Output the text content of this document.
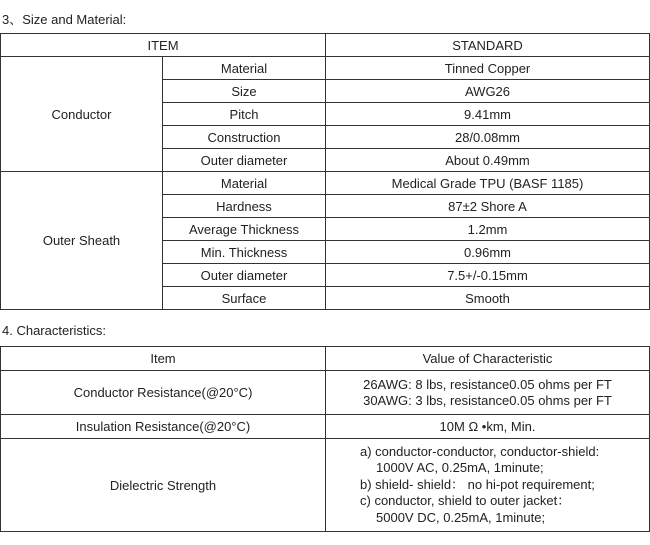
3、Size and Material:
ITEM		STANDARD
Conductor	Material	Tinned Copper
	Size	AWG26
	Pitch	9.41mm
	Construction	28/0.08mm
	Outer diameter	About 0.49mm
Outer Sheath	Material	Medical Grade TPU (BASF 1185)
	Hardness	87±2 Shore A
	Average Thickness	1.2mm
	Min. Thickness	0.96mm
	Outer diameter	7.5+/-0.15mm
	Surface	Smooth
4. Characteristics:
Item	Value of Characteristic
Conductor Resistance(@20°C)	26AWG: 8 lbs, resistance0.05 ohms per FT
30AWG: 3 lbs, resistance0.05 ohms per FT

Insulation Resistance(@20°C)	10M Ω •km, Min.
Dielectric Strength	a) conductor-conductor, conductor-shield:
1000V AC, 0.25mA, 1minute;
b) shield- shield： no hi-pot requirement;
c) conductor, shield to outer jacket：
5000V DC, 0.25mA, 1minute;
